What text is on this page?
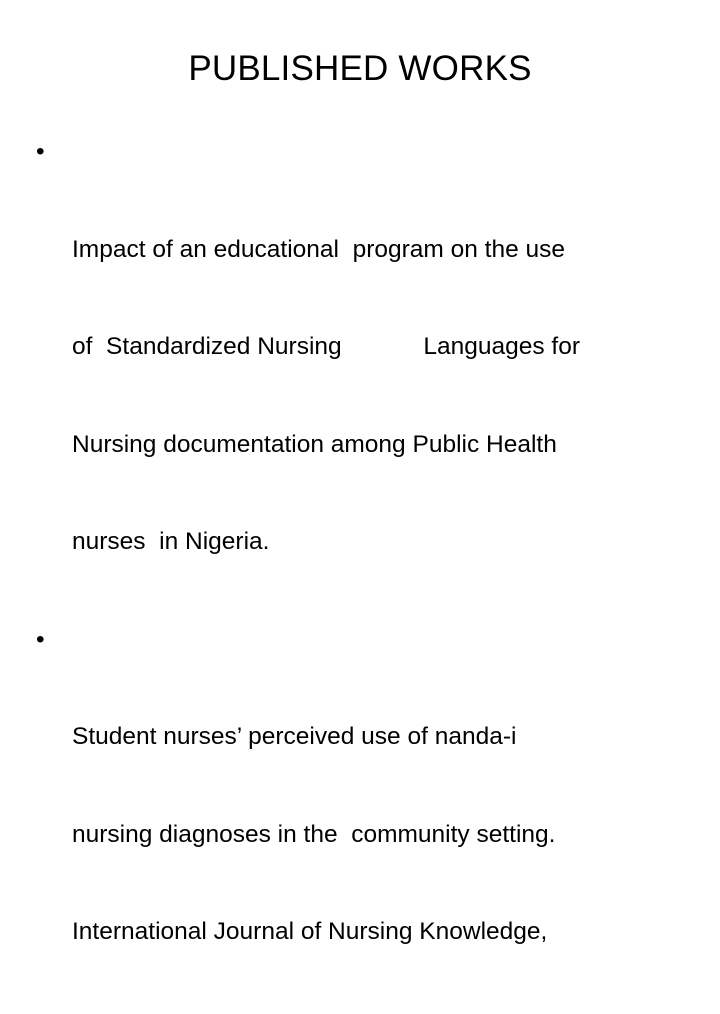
PUBLISHED WORKS

•

Impact of an educational  program on the use

of  Standardized Nursing            Languages for

Nursing documentation among Public Health

nurses  in Nigeria.

•

Student nurses’ perceived use of nanda-i

nursing diagnoses in the  community setting.

International Journal of Nursing Knowledge,
